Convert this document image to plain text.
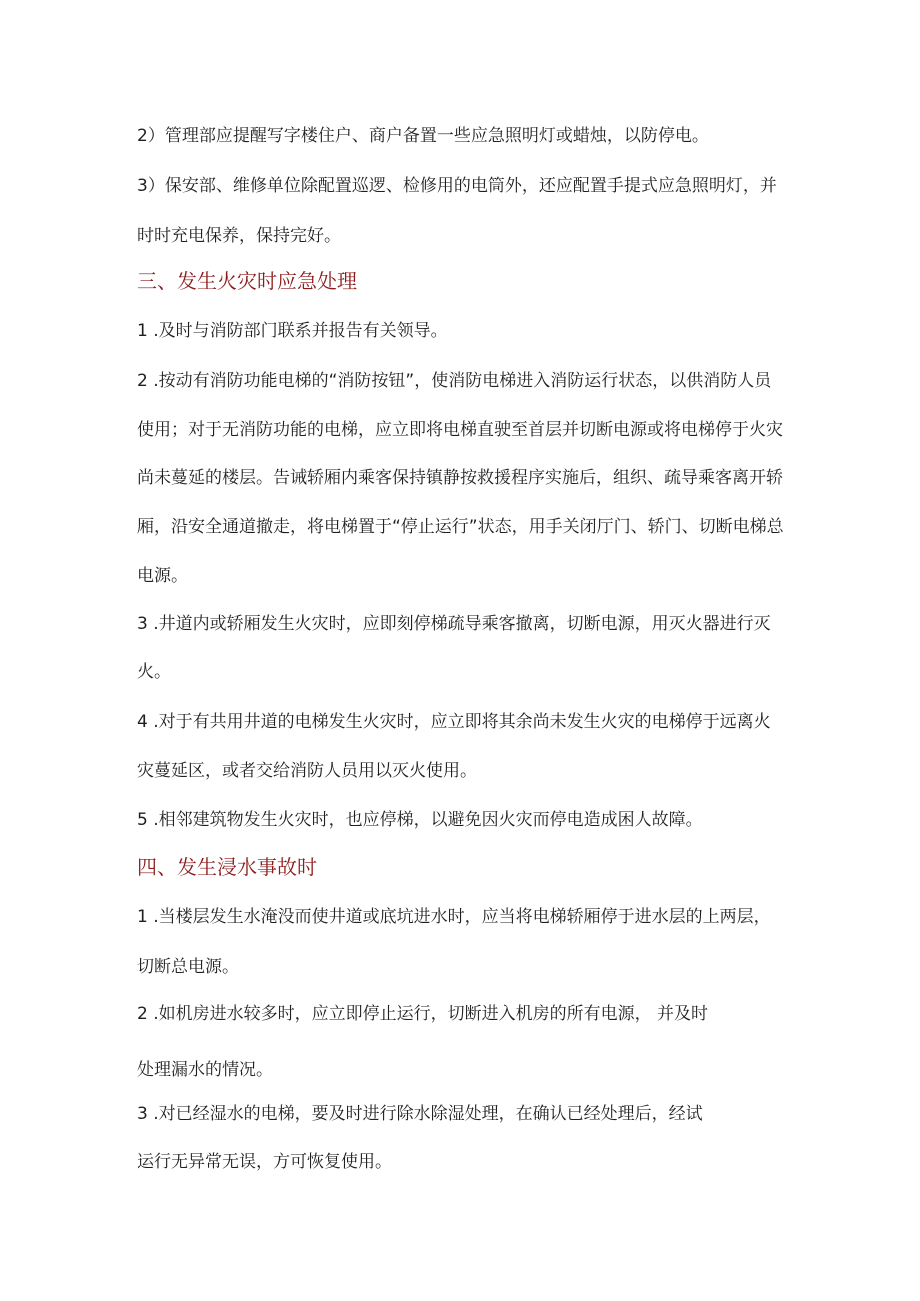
2）管理部应提醒写字楼住户、商户备置一些应急照明灯或蜡烛，以防停电。
3）保安部、维修单位除配置巡逻、检修用的电筒外，还应配置手提式应急照明灯，并
时时充电保养，保持完好。
三、发生火灾时应急处理
1 .及时与消防部门联系并报告有关领导。
2 .按动有消防功能电梯的“消防按钮”，使消防电梯进入消防运行状态，以供消防人员
使用；对于无消防功能的电梯，应立即将电梯直驶至首层并切断电源或将电梯停于火灾
尚未蔓延的楼层。告诫轿厢内乘客保持镇静按救援程序实施后，组织、疏导乘客离开轿
厢，沿安全通道撤走，将电梯置于“停止运行”状态，用手关闭厅门、轿门、切断电梯总
电源。
3 .井道内或轿厢发生火灾时，应即刻停梯疏导乘客撤离，切断电源，用灭火器进行灭
火。
4 .对于有共用井道的电梯发生火灾时，应立即将其余尚未发生火灾的电梯停于远离火
灾蔓延区，或者交给消防人员用以灭火使用。
5 .相邻建筑物发生火灾时，也应停梯，以避免因火灾而停电造成困人故障。
四、发生浸水事故时
1 .当楼层发生水淹没而使井道或底坑进水时，应当将电梯轿厢停于进水层的上两层，
切断总电源。
2 .如机房进水较多时，应立即停止运行，切断进入机房的所有电源， 并及时
处理漏水的情况。
3 .对已经湿水的电梯，要及时进行除水除湿处理，在确认已经处理后，经试
运行无异常无误，方可恢复使用。
